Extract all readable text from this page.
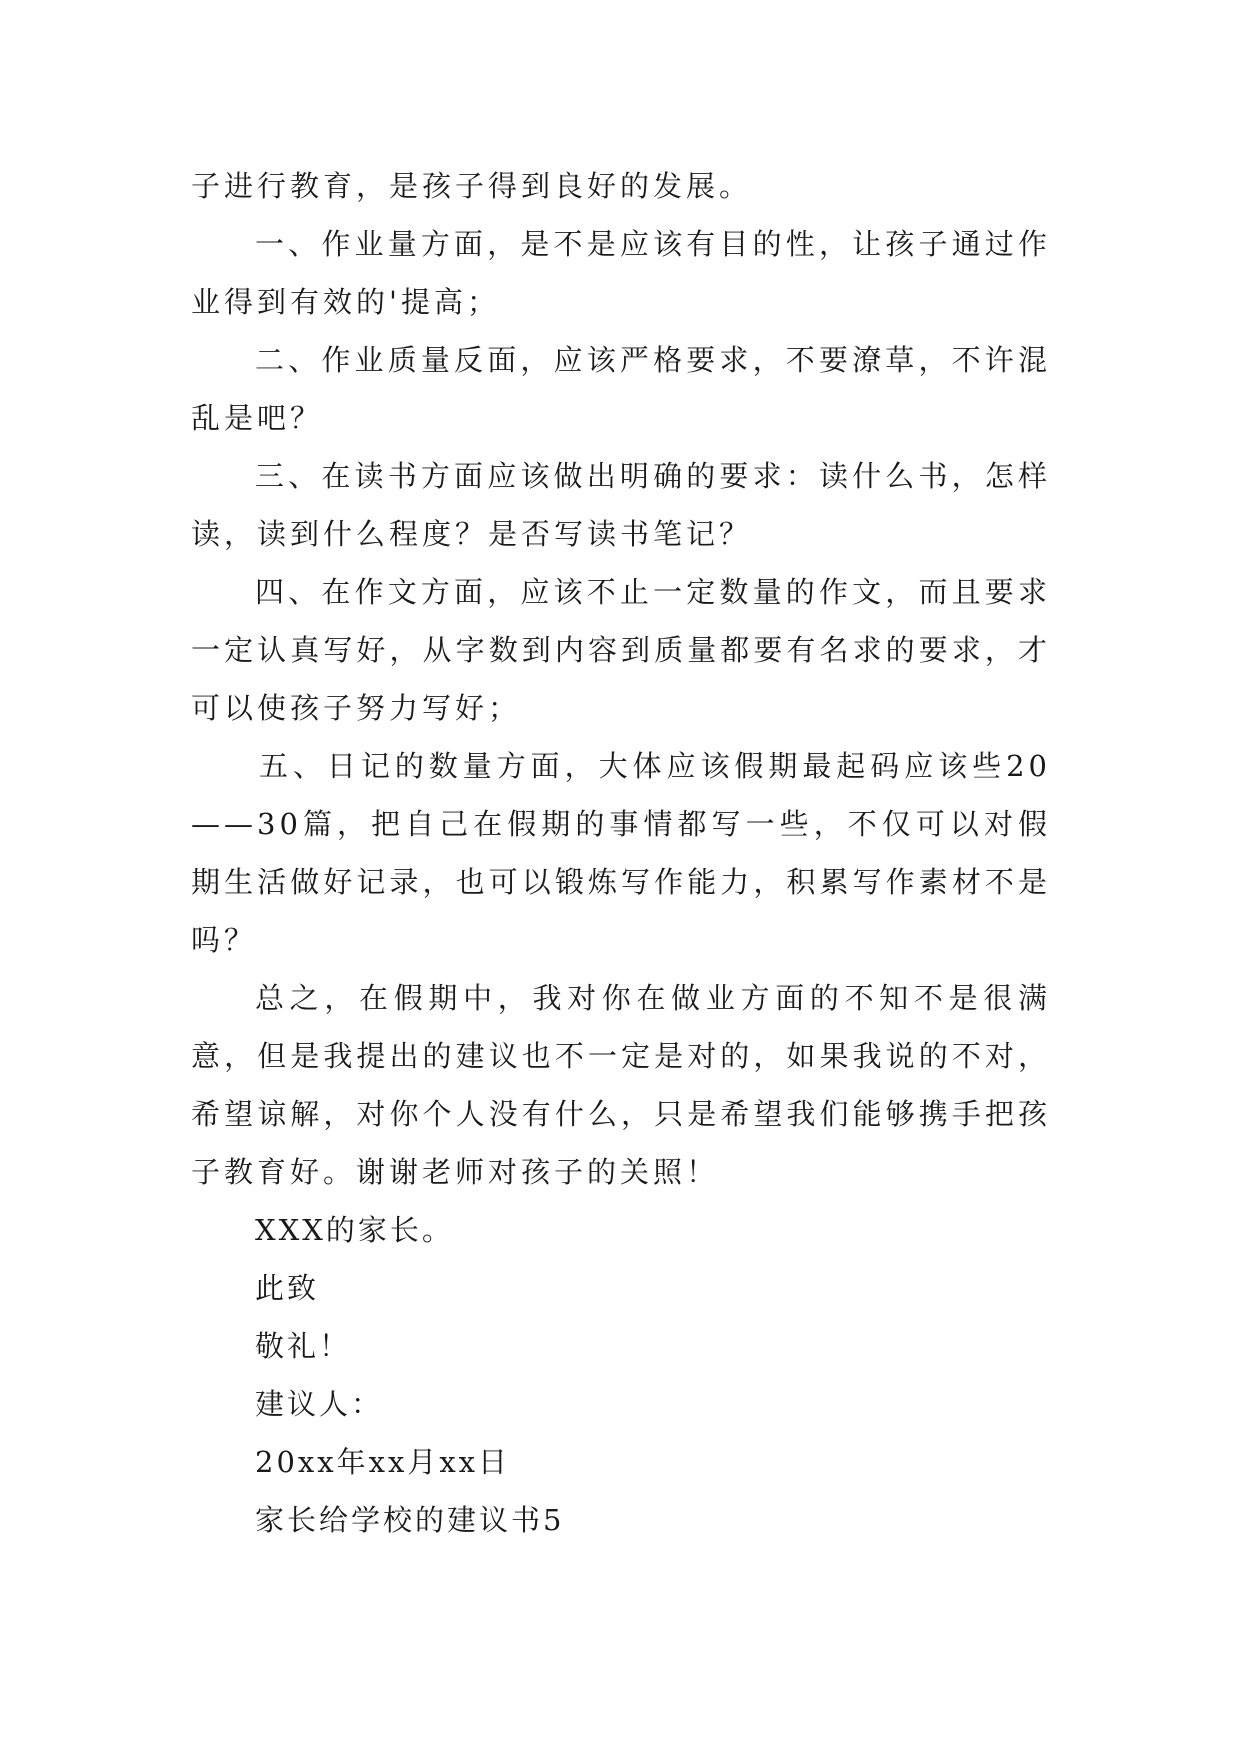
子进行教育，是孩子得到良好的发展。

一、作业量方面，是不是应该有目的性，让孩子通过作业得到有效的'提高；

二、作业质量反面，应该严格要求，不要潦草，不许混乱是吧？

三、在读书方面应该做出明确的要求：读什么书，怎样读，读到什么程度？是否写读书笔记？

四、在作文方面，应该不止一定数量的作文，而且要求一定认真写好，从字数到内容到质量都要有名求的要求，才可以使孩子努力写好；

五、日记的数量方面，大体应该假期最起码应该些20——30篇，把自己在假期的事情都写一些，不仅可以对假期生活做好记录，也可以锻炼写作能力，积累写作素材不是吗？

总之，在假期中，我对你在做业方面的不知不是很满意，但是我提出的建议也不一定是对的，如果我说的不对，希望谅解，对你个人没有什么，只是希望我们能够携手把孩子教育好。谢谢老师对孩子的关照！

XXX的家长。

此致

敬礼！

建议人：

20xx年xx月xx日

家长给学校的建议书5
